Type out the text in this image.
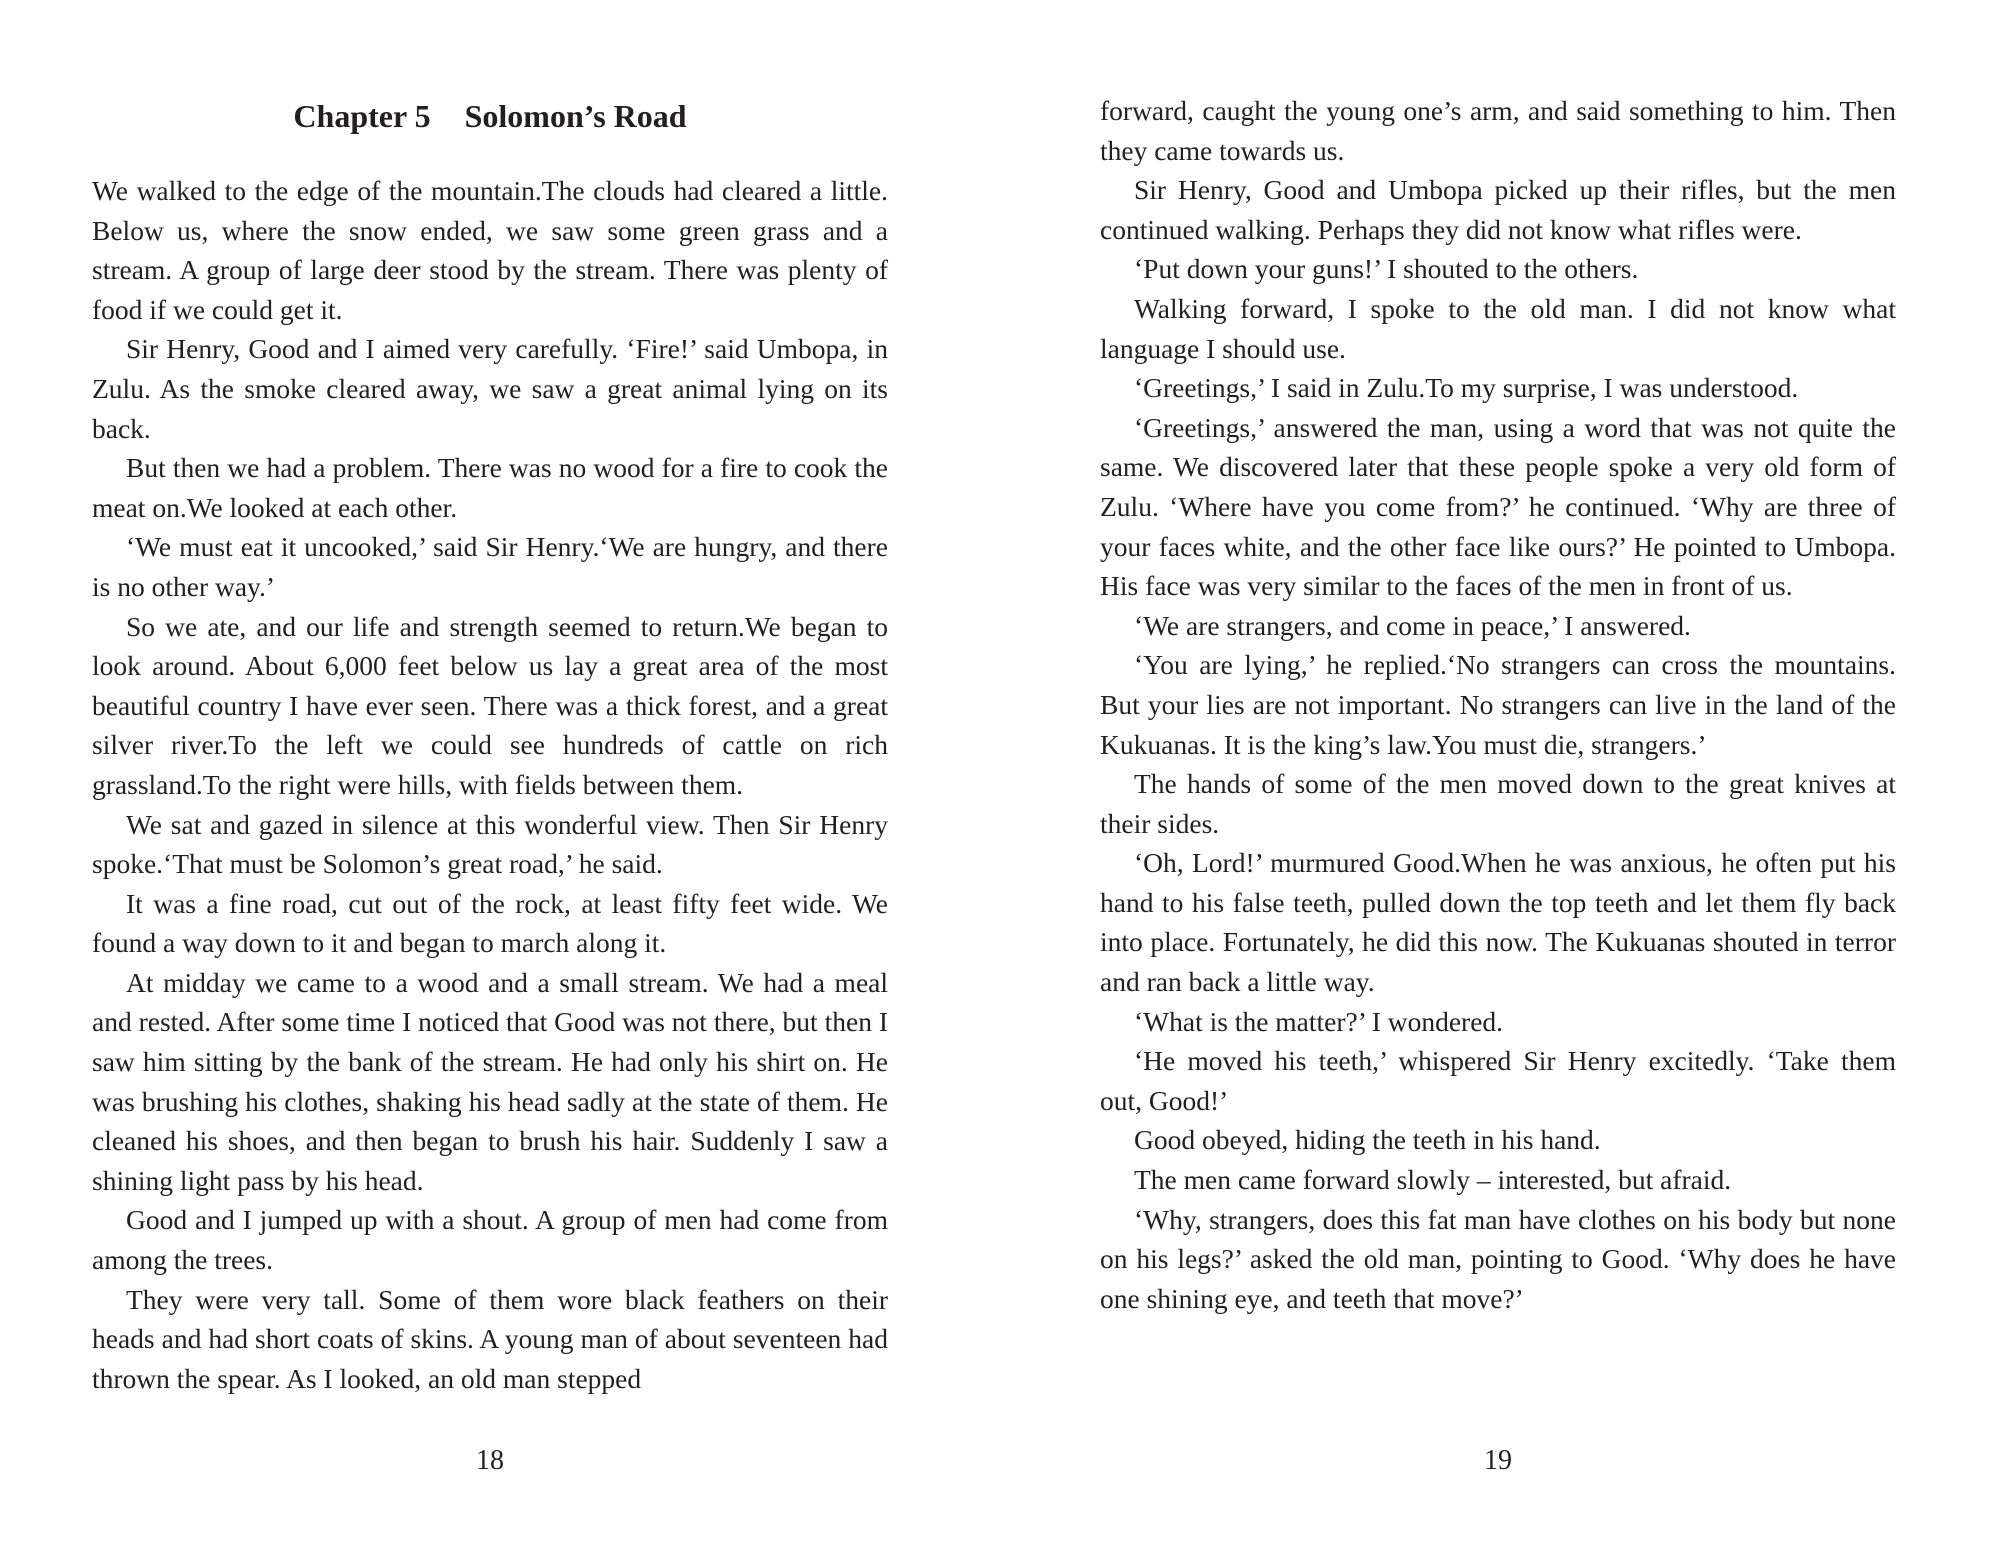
Chapter 5 Solomon’s Road

We walked to the edge of the mountain.The clouds had cleared a little. Below us, where the snow ended, we saw some green grass and a stream. A group of large deer stood by the stream. There was plenty of food if we could get it.

Sir Henry, Good and I aimed very carefully. ‘Fire!’ said Umbopa, in Zulu. As the smoke cleared away, we saw a great animal lying on its back.

But then we had a problem. There was no wood for a fire to cook the meat on.We looked at each other.

‘We must eat it uncooked,’ said Sir Henry.‘We are hungry, and there is no other way.’

So we ate, and our life and strength seemed to return.We began to look around. About 6,000 feet below us lay a great area of the most beautiful country I have ever seen. There was a thick forest, and a great silver river.To the left we could see hundreds of cattle on rich grassland.To the right were hills, with fields between them.

We sat and gazed in silence at this wonderful view. Then Sir Henry spoke.‘That must be Solomon’s great road,’ he said.

It was a fine road, cut out of the rock, at least fifty feet wide. We found a way down to it and began to march along it.

At midday we came to a wood and a small stream. We had a meal and rested. After some time I noticed that Good was not there, but then I saw him sitting by the bank of the stream. He had only his shirt on. He was brushing his clothes, shaking his head sadly at the state of them. He cleaned his shoes, and then began to brush his hair. Suddenly I saw a shining light pass by his head.

Good and I jumped up with a shout. A group of men had come from among the trees.

They were very tall. Some of them wore black feathers on their heads and had short coats of skins. A young man of about seventeen had thrown the spear. As I looked, an old man stepped

18

forward, caught the young one’s arm, and said something to him. Then they came towards us.

Sir Henry, Good and Umbopa picked up their rifles, but the men continued walking. Perhaps they did not know what rifles were.

‘Put down your guns!’ I shouted to the others.

Walking forward, I spoke to the old man. I did not know what language I should use.

‘Greetings,’ I said in Zulu.To my surprise, I was understood.

‘Greetings,’ answered the man, using a word that was not quite the same. We discovered later that these people spoke a very old form of Zulu. ‘Where have you come from?’ he continued. ‘Why are three of your faces white, and the other face like ours?’ He pointed to Umbopa. His face was very similar to the faces of the men in front of us.

‘We are strangers, and come in peace,’ I answered.

‘You are lying,’ he replied.‘No strangers can cross the mountains. But your lies are not important. No strangers can live in the land of the Kukuanas. It is the king’s law.You must die, strangers.’

The hands of some of the men moved down to the great knives at their sides.

‘Oh, Lord!’ murmured Good.When he was anxious, he often put his hand to his false teeth, pulled down the top teeth and let them fly back into place. Fortunately, he did this now. The Kukuanas shouted in terror and ran back a little way.

‘What is the matter?’ I wondered.

‘He moved his teeth,’ whispered Sir Henry excitedly. ‘Take them out, Good!’

Good obeyed, hiding the teeth in his hand.

The men came forward slowly – interested, but afraid.

‘Why, strangers, does this fat man have clothes on his body but none on his legs?’ asked the old man, pointing to Good. ‘Why does he have one shining eye, and teeth that move?’

19
